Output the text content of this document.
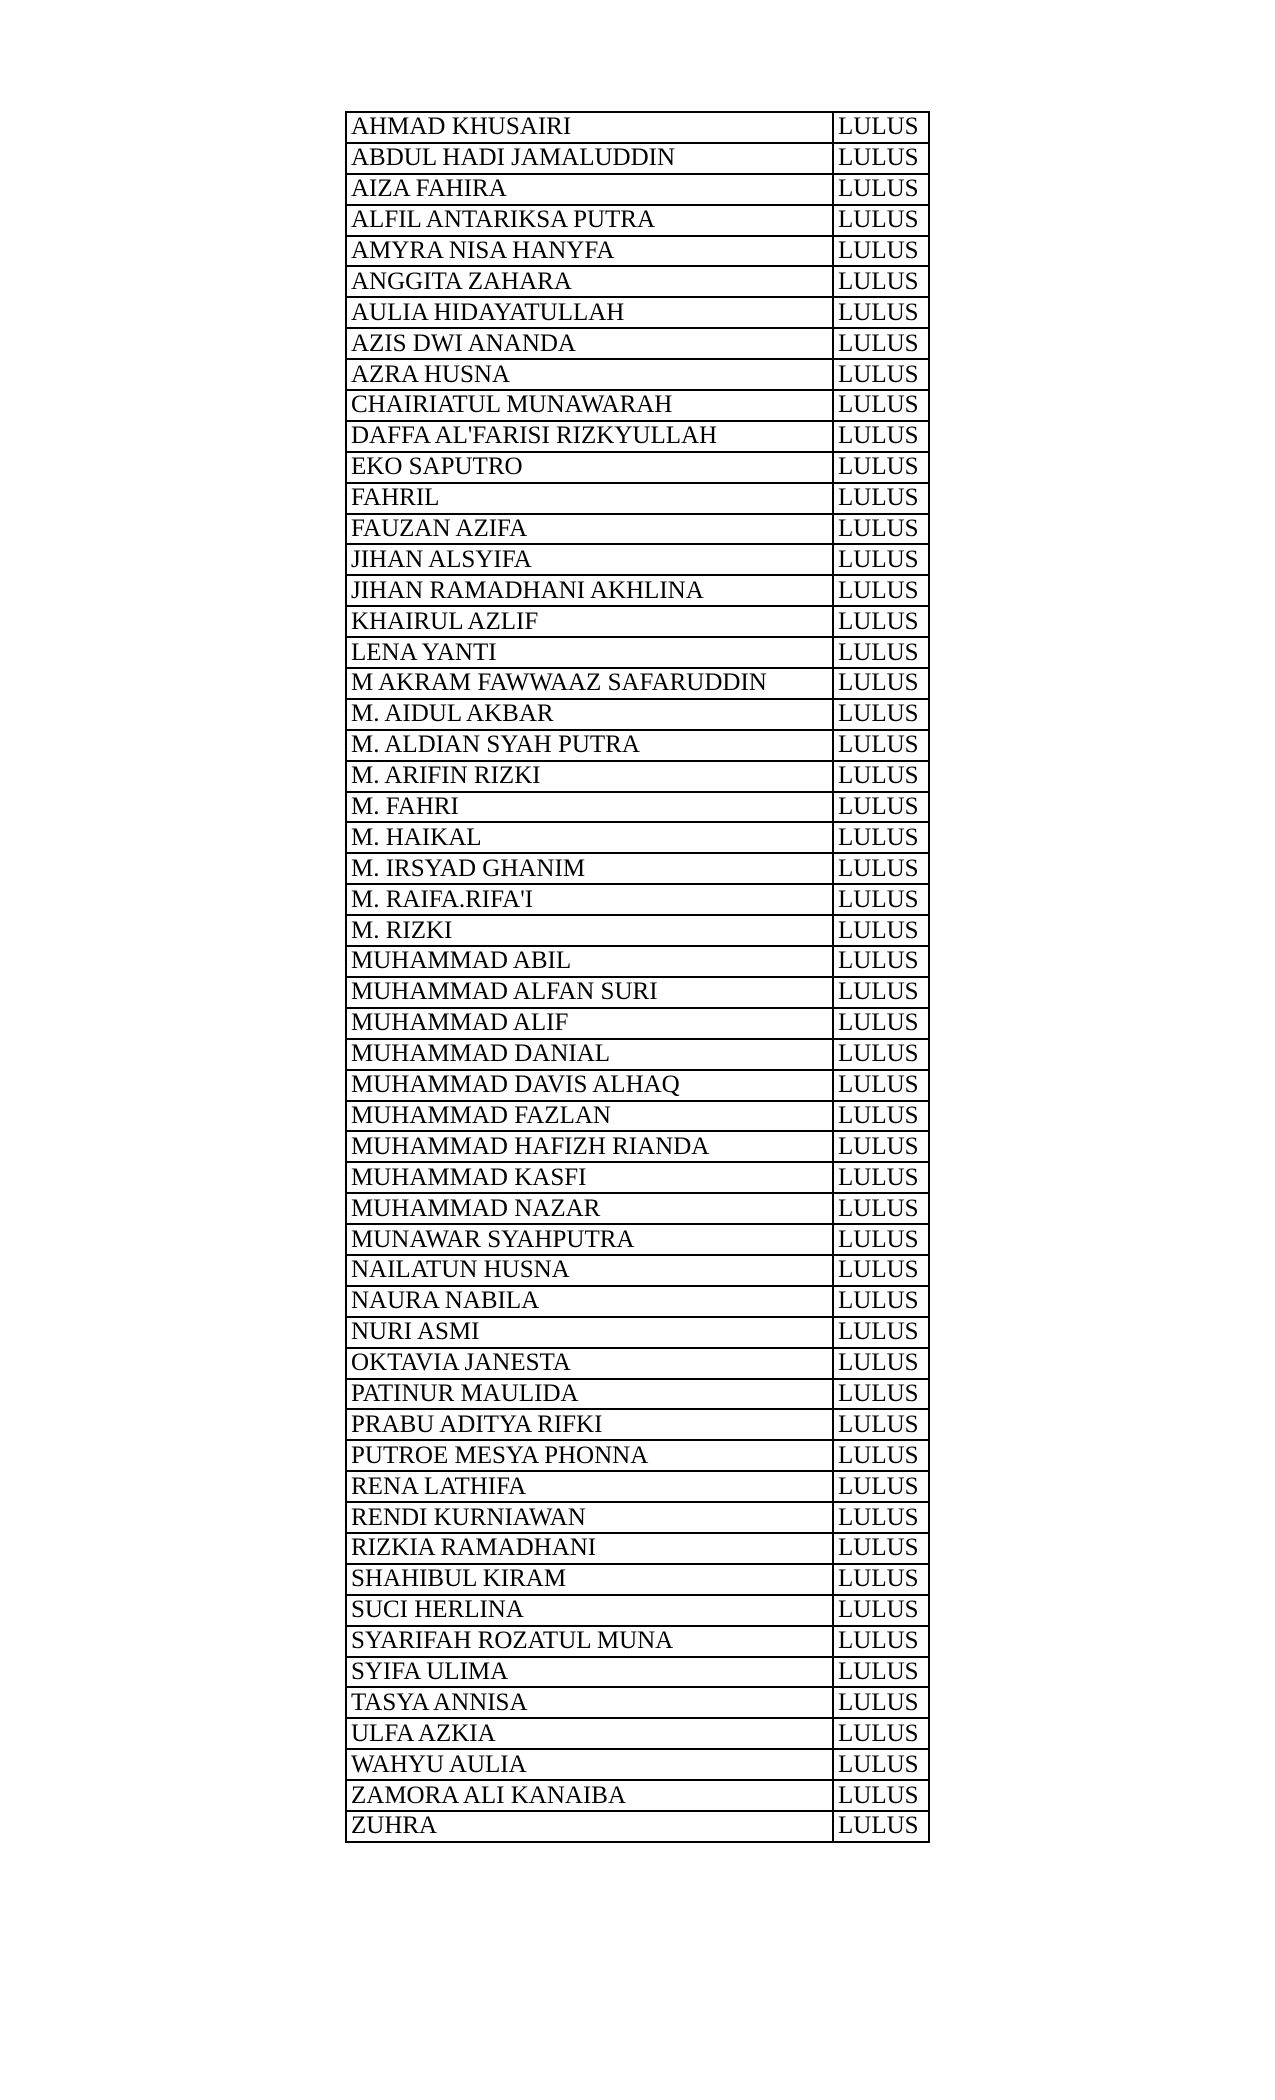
AHMAD KHUSAIRI	LULUS
ABDUL HADI JAMALUDDIN	LULUS
AIZA FAHIRA	LULUS
ALFIL ANTARIKSA PUTRA	LULUS
AMYRA NISA HANYFA	LULUS
ANGGITA ZAHARA	LULUS
AULIA HIDAYATULLAH	LULUS
AZIS DWI ANANDA	LULUS
AZRA HUSNA	LULUS
CHAIRIATUL MUNAWARAH	LULUS
DAFFA AL'FARISI RIZKYULLAH	LULUS
EKO SAPUTRO	LULUS
FAHRIL	LULUS
FAUZAN AZIFA	LULUS
JIHAN ALSYIFA	LULUS
JIHAN RAMADHANI AKHLINA	LULUS
KHAIRUL AZLIF	LULUS
LENA YANTI	LULUS
M AKRAM FAWWAAZ SAFARUDDIN	LULUS
M. AIDUL AKBAR	LULUS
M. ALDIAN SYAH PUTRA	LULUS
M. ARIFIN RIZKI	LULUS
M. FAHRI	LULUS
M. HAIKAL	LULUS
M. IRSYAD GHANIM	LULUS
M. RAIFA.RIFA'I	LULUS
M. RIZKI	LULUS
MUHAMMAD ABIL	LULUS
MUHAMMAD ALFAN SURI	LULUS
MUHAMMAD ALIF	LULUS
MUHAMMAD DANIAL	LULUS
MUHAMMAD DAVIS ALHAQ	LULUS
MUHAMMAD FAZLAN	LULUS
MUHAMMAD HAFIZH RIANDA	LULUS
MUHAMMAD KASFI	LULUS
MUHAMMAD NAZAR	LULUS
MUNAWAR SYAHPUTRA	LULUS
NAILATUN HUSNA	LULUS
NAURA NABILA	LULUS
NURI ASMI	LULUS
OKTAVIA JANESTA	LULUS
PATINUR MAULIDA	LULUS
PRABU ADITYA RIFKI	LULUS
PUTROE MESYA PHONNA	LULUS
RENA LATHIFA	LULUS
RENDI KURNIAWAN	LULUS
RIZKIA RAMADHANI	LULUS
SHAHIBUL KIRAM	LULUS
SUCI HERLINA	LULUS
SYARIFAH ROZATUL MUNA	LULUS
SYIFA ULIMA	LULUS
TASYA ANNISA	LULUS
ULFA AZKIA	LULUS
WAHYU AULIA	LULUS
ZAMORA ALI KANAIBA	LULUS
ZUHRA	LULUS
